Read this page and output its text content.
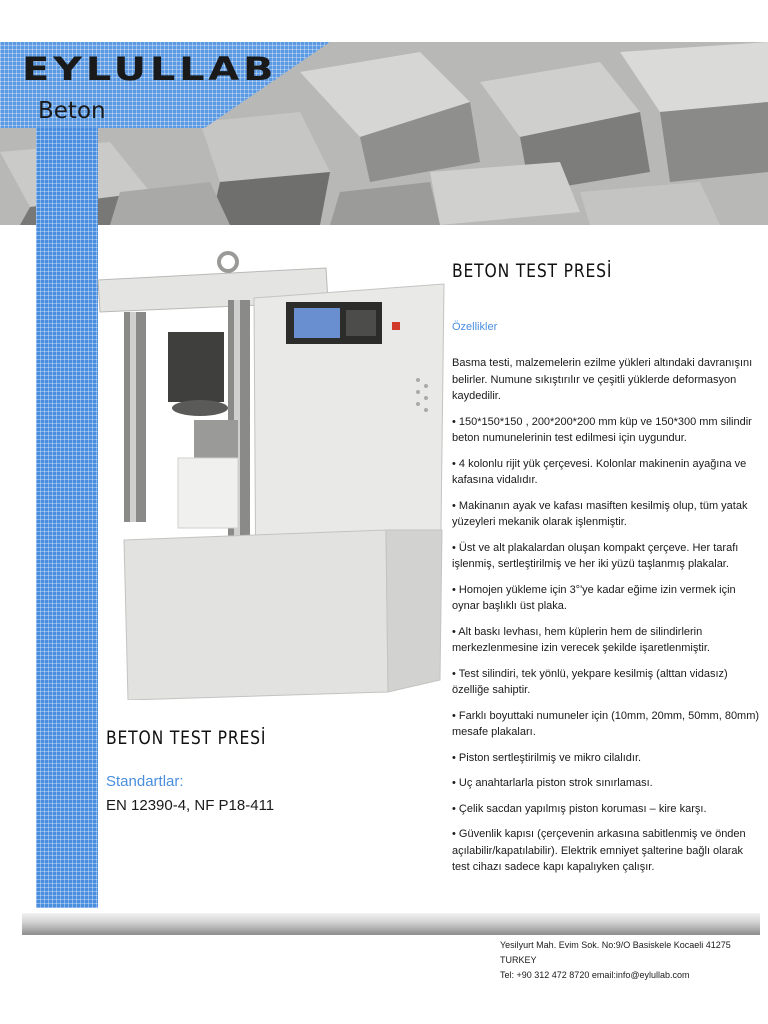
EYLULLAB
Beton
BETON TEST PRESİ
Özellikler

Basma testi, malzemelerin ezilme yükleri altındaki davranışını belirler. Numune sıkıştırılır ve çeşitli yüklerde deformasyon kaydedilir.

• 150*150*150 , 200*200*200 mm küp ve 150*300 mm silindir beton numunelerinin test edilmesi için uygundur.

• 4 kolonlu rijit yük çerçevesi. Kolonlar makinenin ayağına ve kafasına vidalıdır.

• Makinanın ayak ve kafası masiften kesilmiş olup, tüm yatak yüzeyleri mekanik olarak işlenmiştir.

• Üst ve alt plakalardan oluşan kompakt çerçeve. Her tarafı işlenmiş, sertleştirilmiş ve her iki yüzü taşlanmış plakalar.

• Homojen yükleme için 3°'ye kadar eğime izin vermek için oynar başlıklı üst plaka.

• Alt baskı levhası, hem küplerin hem de silindirlerin merkezlenmesine izin verecek şekilde işaretlenmiştir.

• Test silindiri, tek yönlü, yekpare kesilmiş (alttan vidasız) özelliğe sahiptir.

• Farklı boyuttaki numuneler için (10mm, 20mm, 50mm, 80mm) mesafe plakaları.

• Piston sertleştirilmiş ve mikro cilalıdır.

• Uç anahtarlarla piston strok sınırlaması.

• Çelik sacdan yapılmış piston koruması – kire karşı.

• Güvenlik kapısı (çerçevenin arkasına sabitlenmiş ve önden açılabilir/kapatılabilir). Elektrik emniyet şalterine bağlı olarak test cihazı sadece kapı kapalıyken çalışır.

BETON TEST PRESİ
Standartlar:
EN 12390-4, NF P18-411
Yesilyurt Mah. Evim Sok. No:9/O Basiskele Kocaeli 41275 TURKEY
Tel: +90 312 472 8720 email:info@eylullab.com
